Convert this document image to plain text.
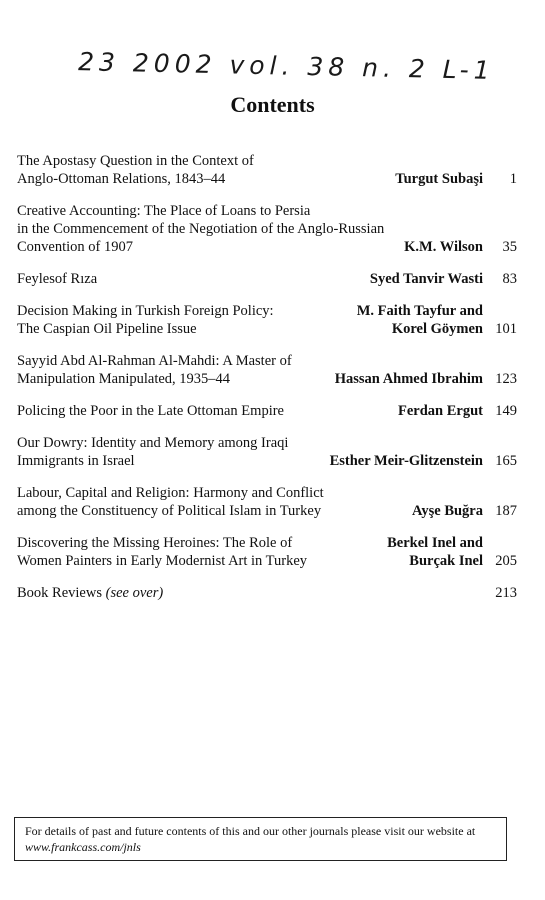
23 2002 vol. 38 n. 2 L-1
Contents
The Apostasy Question in the Context of
Anglo-Ottoman Relations, 1843–44	Turgut Subaşi	1
Creative Accounting: The Place of Loans to Persia
in the Commencement of the Negotiation of the Anglo-Russian
Convention of 1907	K.M. Wilson	35
Feylesof Rıza	Syed Tanvir Wasti	83
Decision Making in Turkish Foreign Policy:	M. Faith Tayfur and
The Caspian Oil Pipeline Issue	Korel Göymen 101
Sayyid Abd Al-Rahman Al-Mahdi: A Master of
Manipulation Manipulated, 1935–44	Hassan Ahmed Ibrahim 123
Policing the Poor in the Late Ottoman Empire	Ferdan Ergut 149
Our Dowry: Identity and Memory among Iraqi
Immigrants in Israel	Esther Meir-Glitzenstein 165
Labour, Capital and Religion: Harmony and Conflict
among the Constituency of Political Islam in Turkey	Ayşe Buğra 187
Discovering the Missing Heroines: The Role of	Berkel Inel and
Women Painters in Early Modernist Art in Turkey	Burçak Inel 205
Book Reviews (see over)	213
For details of past and future contents of this and our other journals please visit our website at www.frankcass.com/jnls
